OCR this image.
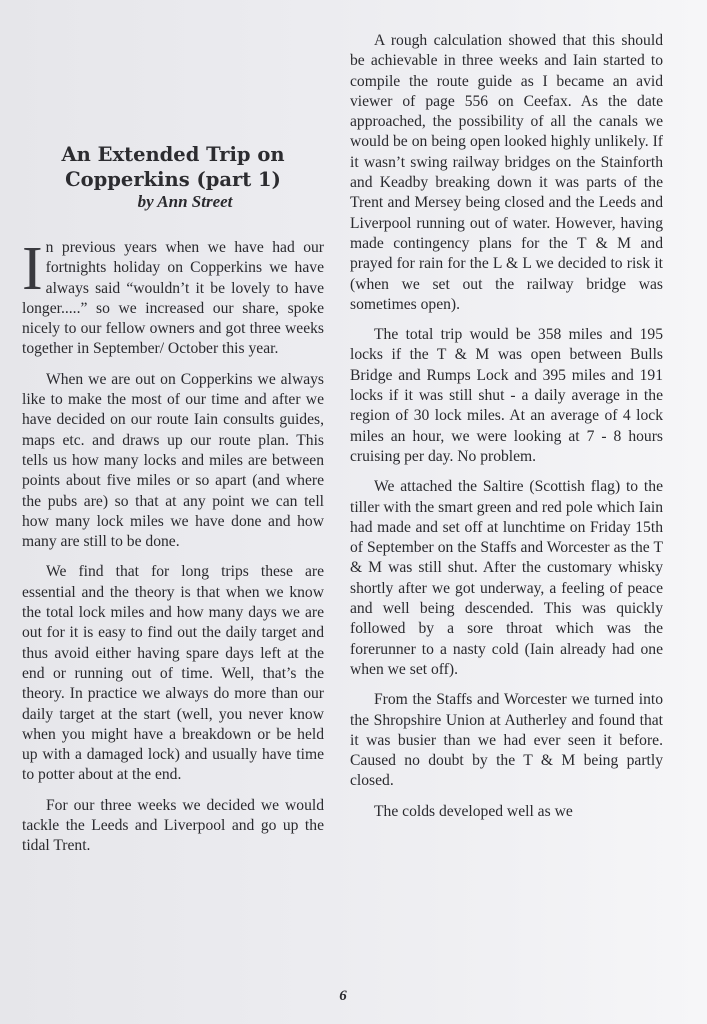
An Extended Trip on
Copperkins (part 1)

by Ann Street

In previous years when we have had our fortnights holiday on Copperkins we have always said “wouldn’t it be lovely to have longer.....” so we increased our share, spoke nicely to our fellow owners and got three weeks together in September/ October this year.

When we are out on Copperkins we always like to make the most of our time and after we have decided on our route Iain consults guides, maps etc. and draws up our route plan. This tells us how many locks and miles are between points about five miles or so apart (and where the pubs are) so that at any point we can tell how many lock miles we have done and how many are still to be done.

We find that for long trips these are essential and the theory is that when we know the total lock miles and how many days we are out for it is easy to find out the daily target and thus avoid either having spare days left at the end or running out of time. Well, that’s the theory. In practice we always do more than our daily target at the start (well, you never know when you might have a breakdown or be held up with a damaged lock) and usually have time to potter about at the end.

For our three weeks we decided we would tackle the Leeds and Liverpool and go up the tidal Trent.

A rough calculation showed that this should be achievable in three weeks and Iain started to compile the route guide as I became an avid viewer of page 556 on Ceefax. As the date approached, the possibility of all the canals we would be on being open looked highly unlikely. If it wasn’t swing railway bridges on the Stainforth and Keadby breaking down it was parts of the Trent and Mersey being closed and the Leeds and Liverpool running out of water. However, having made contingency plans for the T & M and prayed for rain for the L & L we decided to risk it (when we set out the railway bridge was sometimes open).

The total trip would be 358 miles and 195 locks if the T & M was open between Bulls Bridge and Rumps Lock and 395 miles and 191 locks if it was still shut - a daily average in the region of 30 lock miles. At an average of 4 lock miles an hour, we were looking at 7 - 8 hours cruising per day. No problem.

We attached the Saltire (Scottish flag) to the tiller with the smart green and red pole which Iain had made and set off at lunchtime on Friday 15th of September on the Staffs and Worcester as the T & M was still shut. After the customary whisky shortly after we got underway, a feeling of peace and well being descended. This was quickly followed by a sore throat which was the forerunner to a nasty cold (Iain already had one when we set off).

From the Staffs and Worcester we turned into the Shropshire Union at Autherley and found that it was busier than we had ever seen it before. Caused no doubt by the T & M being partly closed.

The colds developed well as we

6
